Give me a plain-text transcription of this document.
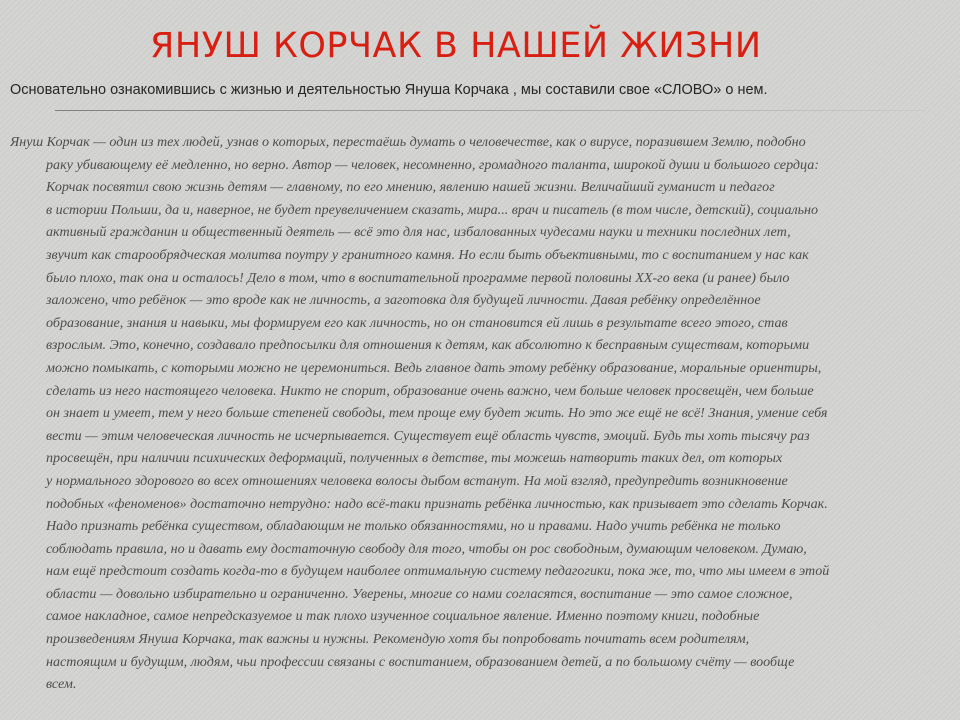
ЯНУШ КОРЧАК В НАШЕЙ ЖИЗНИ

Основательно ознакомившись с жизнью и деятельностью Януша Корчака , мы составили свое «СЛОВО» о нем.

Януш Корчак — один из тех людей, узнав о которых, перестаёшь думать о человечестве, как о вирусе, поразившем Землю, подобно
раку убивающему её медленно, но верно. Автор — человек, несомненно, громадного таланта, широкой души и большого сердца:
Корчак посвятил свою жизнь детям — главному, по его мнению, явлению нашей жизни. Величайший гуманист и педагог
в истории Польши, да и, наверное, не будет преувеличением сказать, мира... врач и писатель (в том числе, детский), социально
активный гражданин и общественный деятель — всё это для нас, избалованных чудесами науки и техники последних лет,
звучит как старообрядческая молитва поутру у гранитного камня. Но если быть объективными, то с воспитанием у нас как
было плохо, так она и осталось! Дело в том, что в воспитательной программе первой половины ХХ-го века (и ранее) было
заложено, что ребёнок — это вроде как не личность, а заготовка для будущей личности. Давая ребёнку определённое
образование, знания и навыки, мы формируем его как личность, но он становится ей лишь в результате всего этого, став
взрослым. Это, конечно, создавало предпосылки для отношения к детям, как абсолютно к бесправным существам, которыми
можно помыкать, с которыми можно не церемониться. Ведь главное дать этому ребёнку образование, моральные ориентиры,
сделать из него настоящего человека. Никто не спорит, образование очень важно, чем больше человек просвещён, чем больше
он знает и умеет, тем у него больше степеней свободы, тем проще ему будет жить. Но это же ещё не всё! Знания, умение себя
вести — этим человеческая личность не исчерпывается. Существует ещё область чувств, эмоций. Будь ты хоть тысячу раз
просвещён, при наличии психических деформаций, полученных в детстве, ты можешь натворить таких дел, от которых
у нормального здорового во всех отношениях человека волосы дыбом встанут. На мой взгляд, предупредить возникновение
подобных «феноменов» достаточно нетрудно: надо всё-таки признать ребёнка личностью, как призывает это сделать Корчак.
Надо признать ребёнка существом, обладающим не только обязанностями, но и правами. Надо учить ребёнка не только
соблюдать правила, но и давать ему достаточную свободу для того, чтобы он рос свободным, думающим человеком. Думаю,
нам ещё предстоит создать когда-то в будущем наиболее оптимальную систему педагогики, пока же, то, что мы имеем в этой
области — довольно избирательно и ограниченно. Уверены, многие со нами согласятся, воспитание — это самое сложное,
самое накладное, самое непредсказуемое и так плохо изученное социальное явление. Именно поэтому книги, подобные
произведениям Януша Корчака, так важны и нужны. Рекомендую хотя бы попробовать почитать всем родителям,
настоящим и будущим, людям, чьи профессии связаны с воспитанием, образованием детей, а по большому счёту — вообще
всем.
